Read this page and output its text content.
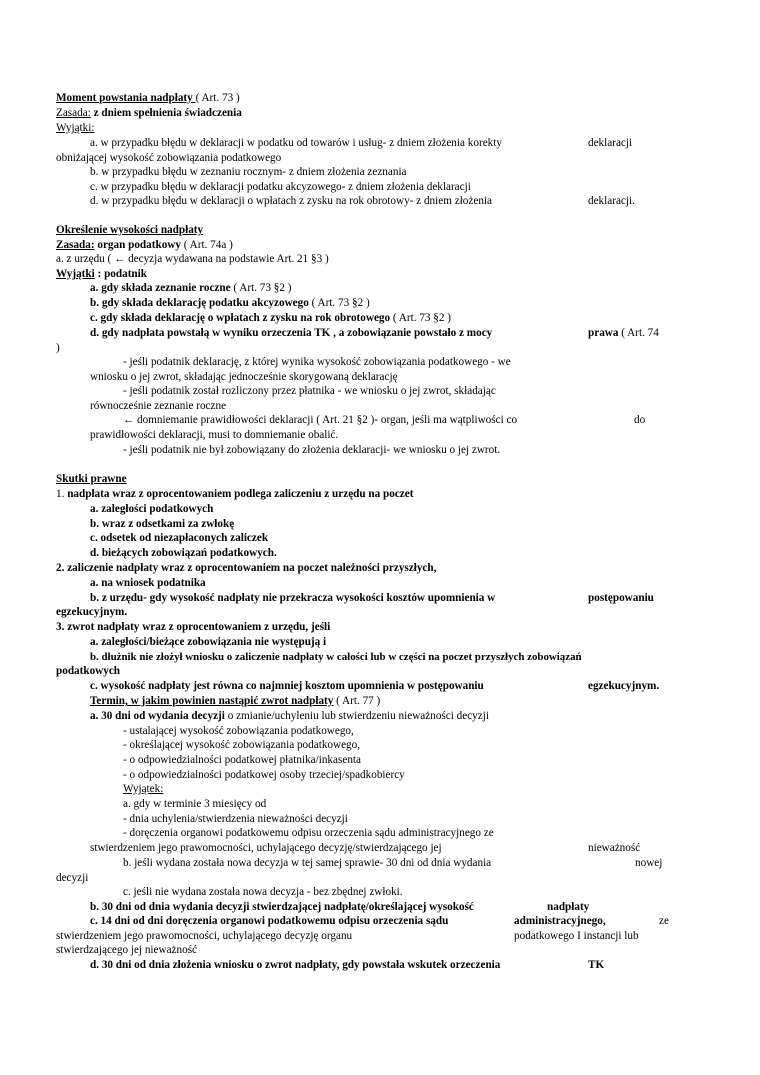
Moment powstania nadpłaty ( Art. 73 )
Zasada: z dniem spełnienia świadczenia
Wyjątki:
a. w przypadku błędu w deklaracji w podatku od towarów i usług- z dniem złożenia korekty	deklaracji
obniżającej wysokość zobowiązania podatkowego
b. w przypadku błędu w zeznaniu rocznym- z dniem złożenia zeznania
c. w przypadku błędu w deklaracji podatku akcyzowego- z dniem złożenia deklaracji
d. w przypadku błędu w deklaracji o wpłatach z zysku na rok obrotowy- z dniem złożenia	deklaracji.
Określenie wysokości nadpłaty
Zasada: organ podatkowy ( Art. 74a )
a. z urzędu ( ← decyzja wydawana na podstawie Art. 21 §3 )
Wyjątki : podatnik
a. gdy składa zeznanie roczne ( Art. 73 §2 )
b. gdy składa deklarację podatku akcyzowego ( Art. 73 §2 )
c. gdy składa deklarację o wpłatach z zysku na rok obrotowego ( Art. 73 §2 )
d. gdy nadpłata powstałą w wyniku orzeczenia TK , a zobowiązanie powstało z mocy	prawa ( Art. 74
)
- jeśli podatnik deklarację, z której wynika wysokość zobowiązania podatkowego - we
wniosku o jej zwrot, składając jednocześnie skorygowaną deklarację
- jeśli podatnik został rozliczony przez płatnika - we wniosku o jej zwrot, składając
równocześnie zeznanie roczne
← domniemanie prawidłowości deklaracji ( Art. 21 §2 )- organ, jeśli ma wątpliwości co	do
prawidłowości deklaracji, musi to domniemanie obalić.
- jeśli podatnik nie był zobowiązany do złożenia deklaracji- we wniosku o jej zwrot.
Skutki prawne
1. nadpłata wraz z oprocentowaniem podlega zaliczeniu z urzędu na poczet
a. zaległości podatkowych
b. wraz z odsetkami za zwłokę
c. odsetek od niezapłaconych zaliczek
d. bieżących zobowiązań podatkowych.
2. zaliczenie nadpłaty wraz z oprocentowaniem na poczet należności przyszłych,
a. na wniosek podatnika
b. z urzędu- gdy wysokość nadpłaty nie przekracza wysokości kosztów upomnienia w	postępowaniu
egzekucyjnym.
3. zwrot nadpłaty wraz z oprocentowaniem z urzędu, jeśli
a. zaległości/bieżące zobowiązania nie występują i
b. dłużnik nie złożył wniosku o zaliczenie nadpłaty w całości lub w części na poczet przyszłych zobowiązań
podatkowych
c. wysokość nadpłaty jest równa co najmniej kosztom upomnienia w postępowaniu	egzekucyjnym.
Termin, w jakim powinien nastąpić zwrot nadpłaty ( Art. 77 )
a. 30 dni od wydania decyzji o zmianie/uchyleniu lub stwierdzeniu nieważności decyzji
- ustalającej wysokość zobowiązania podatkowego,
- określającej wysokość zobowiązania podatkowego,
- o odpowiedzialności podatkowej płatnika/inkasenta
- o odpowiedzialności podatkowej osoby trzeciej/spadkobiercy
Wyjątek:
a. gdy w terminie 3 miesięcy od
- dnia uchylenia/stwierdzenia nieważności decyzji
- doręczenia organowi podatkowemu odpisu orzeczenia sądu administracyjnego ze
stwierdzeniem jego prawomocności, uchylającego decyzję/stwierdzającego jej	nieważność
b. jeśli wydana została nowa decyzja w tej samej sprawie- 30 dni od dnia wydania	nowej
decyzji
c. jeśli nie wydana została nowa decyzja - bez zbędnej zwłoki.
b. 30 dni od dnia wydania decyzji stwierdzającej nadpłatę/określającej wysokość	nadpłaty
c. 14 dni od dni doręczenia organowi podatkowemu odpisu orzeczenia sądu	administracyjnego,	ze
stwierdzeniem jego prawomocności, uchylającego decyzję organu	podatkowego I instancji lub
stwierdzającego jej nieważność
d. 30 dni od dnia złożenia wniosku o zwrot nadpłaty, gdy powstała wskutek orzeczenia	TK
